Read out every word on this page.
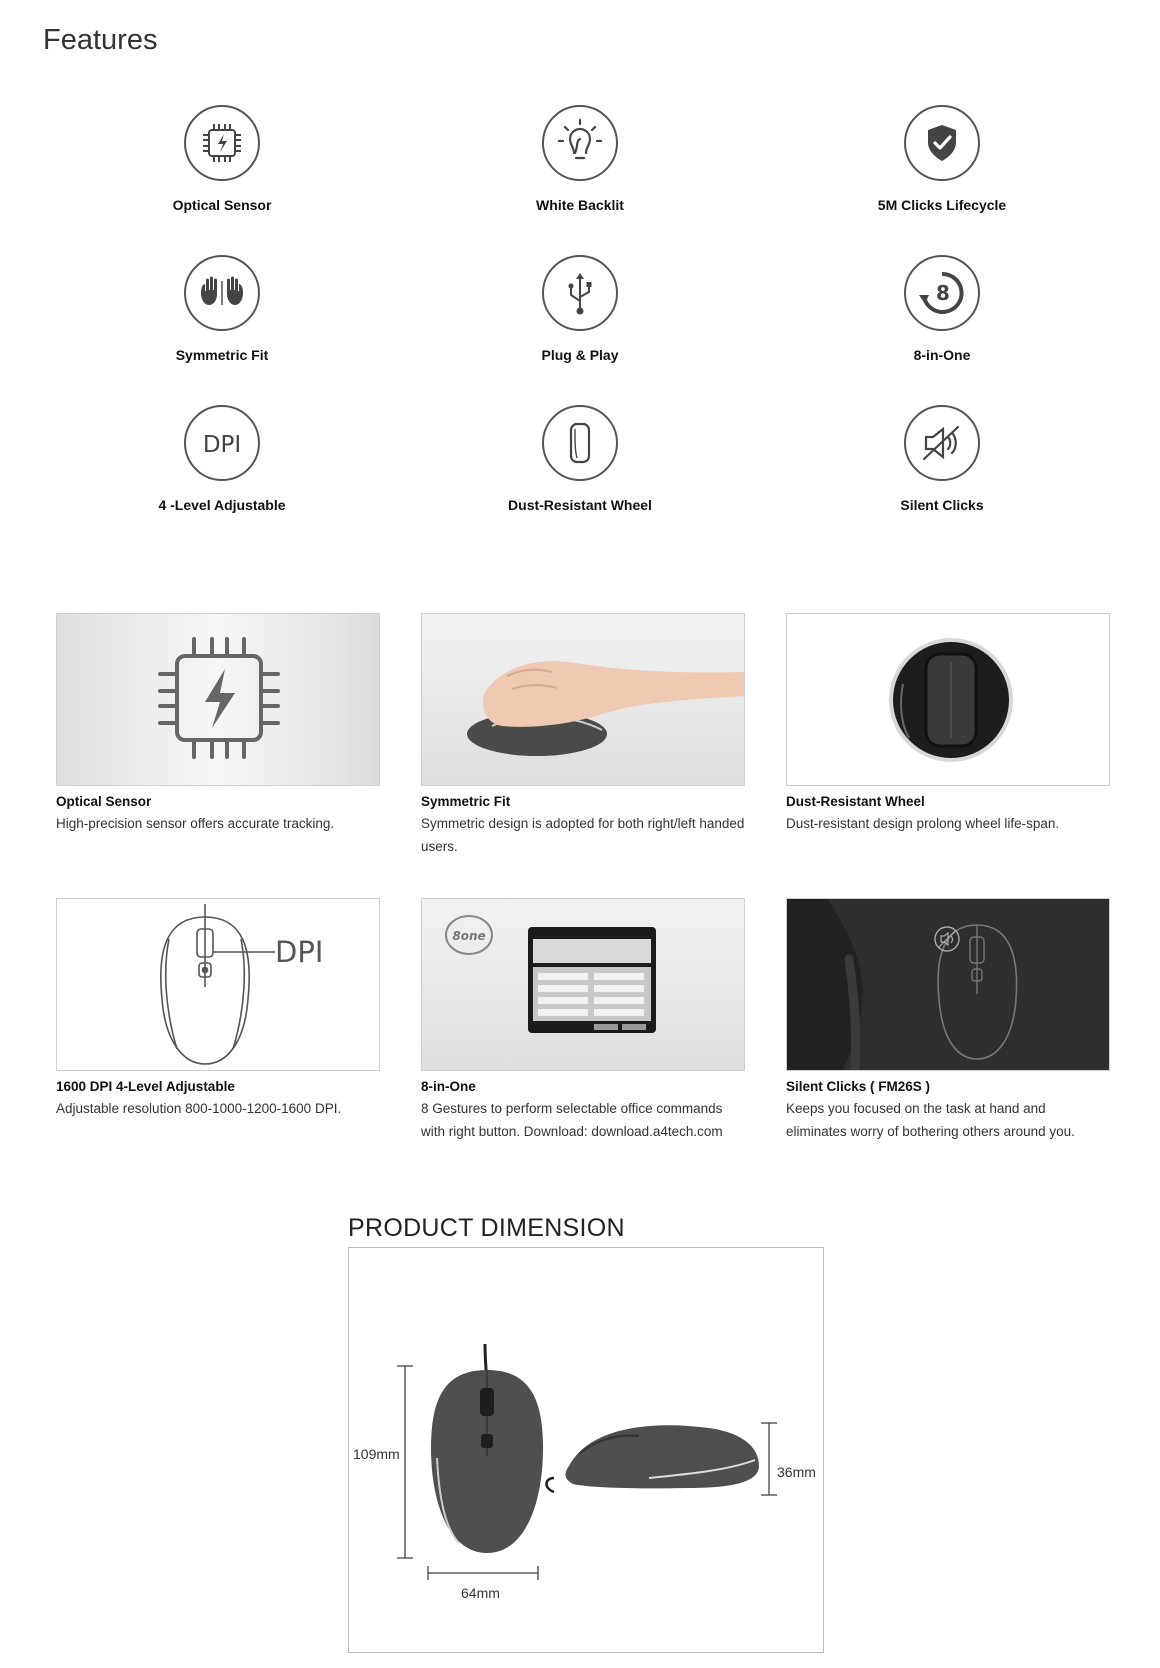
Features
Optical Sensor	White Backlit	5M Clicks Lifecycle
Symmetric Fit	Plug & Play
8
8-in-One
DPI
4 -Level Adjustable	Dust-Resistant Wheel	Silent Clicks
Optical Sensor
High-precision sensor offers accurate tracking.
Symmetric Fit
Symmetric design is adopted for both right/left handed users.
Dust-Resistant Wheel
Dust-resistant design prolong wheel life-span.
DPI
1600 DPI 4-Level Adjustable
Adjustable resolution 800-1000-1200-1600 DPI.
8one
8-in-One
8 Gestures to perform selectable office commands with right button. Download: download.a4tech.com
Silent Clicks ( FM26S )
Keeps you focused on the task at hand and eliminates worry of bothering others around you.
PRODUCT DIMENSION
109mm
64mm
36mm
